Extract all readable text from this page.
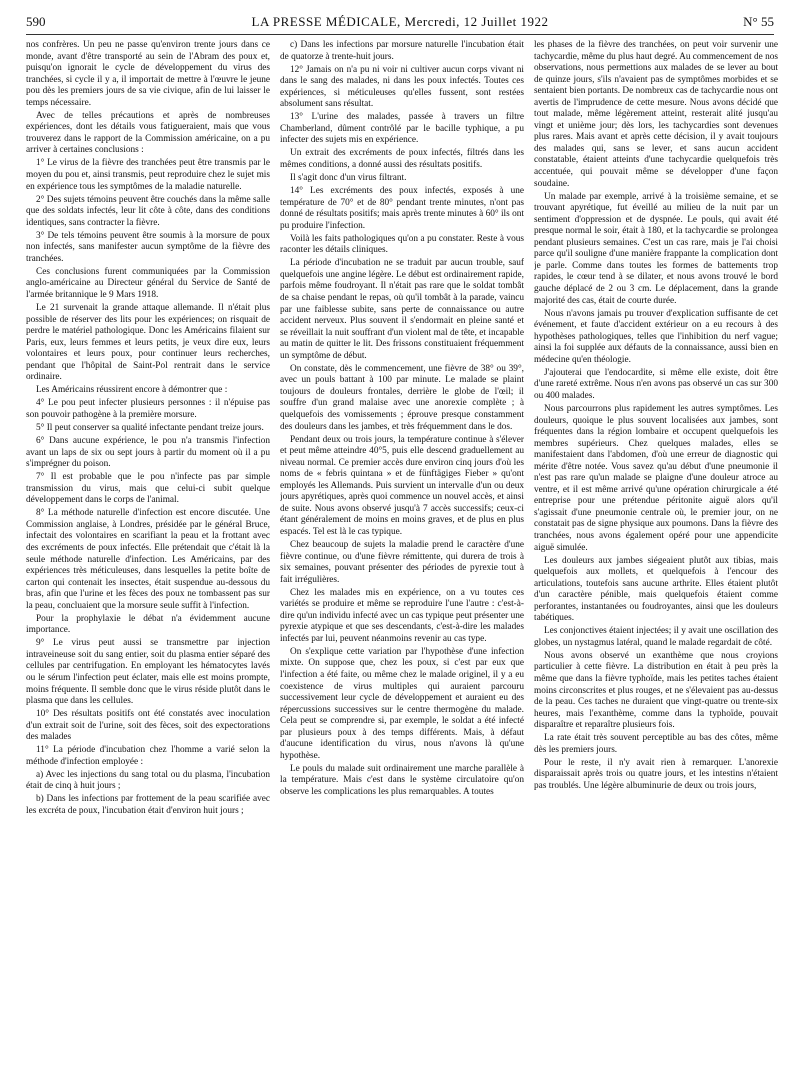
590	LA PRESSE MÉDICALE, Mercredi, 12 Juillet 1922	N° 55

nos confrères. Un peu ne passe qu'environ trente jours dans ce monde, avant d'être transporté au sein de l'Abram des poux et, puisqu'on ignorait le cycle de développement du virus des tranchées, si cycle il y a, il importait de mettre à l'œuvre le jeune pou dès les premiers jours de sa vie civique, afin de lui laisser le temps nécessaire.

Avec de telles précautions et après de nombreuses expériences, dont les détails vous fatigueraient, mais que vous trouverez dans le rapport de la Commission américaine, on a pu arriver à certaines conclusions :

1° Le virus de la fièvre des tranchées peut être transmis par le moyen du pou et, ainsi transmis, peut reproduire chez le sujet mis en expérience tous les symptômes de la maladie naturelle.

2° Des sujets témoins peuvent être couchés dans la même salle que des soldats infectés, leur lit côte à côte, dans des conditions identiques, sans contracter la fièvre.

3° De tels témoins peuvent être soumis à la morsure de poux non infectés, sans manifester aucun symptôme de la fièvre des tranchées.

Ces conclusions furent communiquées par la Commission anglo-américaine au Directeur général du Service de Santé de l'armée britannique le 9 Mars 1918.

Le 21 survenait la grande attaque allemande. Il n'était plus possible de réserver des lits pour les expériences; on risquait de perdre le matériel pathologique. Donc les Américains filaient sur Paris, eux, leurs femmes et leurs petits, je veux dire eux, leurs volontaires et leurs poux, pour continuer leurs recherches, pendant que l'hôpital de Saint-Pol rentrait dans le service ordinaire.

Les Américains réussirent encore à démontrer que :

4° Le pou peut infecter plusieurs personnes : il n'épuise pas son pouvoir pathogène à la première morsure.

5° Il peut conserver sa qualité infectante pendant treize jours.

6° Dans aucune expérience, le pou n'a transmis l'infection avant un laps de six ou sept jours à partir du moment où il a pu s'imprégner du poison.

7° Il est probable que le pou n'infecte pas par simple transmission du virus, mais que celui-ci subit quelque développement dans le corps de l'animal.

8° La méthode naturelle d'infection est encore discutée. Une Commission anglaise, à Londres, présidée par le général Bruce, infectait des volontaires en scarifiant la peau et la frottant avec des excréments de poux infectés. Elle prétendait que c'était là la seule méthode naturelle d'infection. Les Américains, par des expériences très méticuleuses, dans lesquelles la petite boîte de carton qui contenait les insectes, était suspendue au-dessous du bras, afin que l'urine et les fèces des poux ne tombassent pas sur la peau, concluaient que la morsure seule suffit à l'infection.

Pour la prophylaxie le débat n'a évidemment aucune importance.

9° Le virus peut aussi se transmettre par injection intraveineuse soit du sang entier, soit du plasma entier séparé des cellules par centrifugation. En employant les hématocytes lavés ou le sérum l'infection peut éclater, mais elle est moins prompte, moins fréquente. Il semble donc que le virus réside plutôt dans le plasma que dans les cellules.

10° Des résultats positifs ont été constatés avec inoculation d'un extrait soit de l'urine, soit des fèces, soit des expectorations des malades

11° La période d'incubation chez l'homme a varié selon la méthode d'infection employée :

a) Avec les injections du sang total ou du plasma, l'incubation était de cinq à huit jours ;

b) Dans les infections par frottement de la peau scarifiée avec les excréta de poux, l'incubation était d'environ huit jours ;

c) Dans les infections par morsure naturelle l'incubation était de quatorze à trente-huit jours.

12° Jamais on n'a pu ni voir ni cultiver aucun corps vivant ni dans le sang des malades, ni dans les poux infectés. Toutes ces expériences, si méticuleuses qu'elles fussent, sont restées absolument sans résultat.

13° L'urine des malades, passée à travers un filtre Chamberland, dûment contrôlé par le bacille typhique, a pu infecter des sujets mis en expérience.

Un extrait des excréments de poux infectés, filtrés dans les mêmes conditions, a donné aussi des résultats positifs.

Il s'agit donc d'un virus filtrant.

14° Les excréments des poux infectés, exposés à une température de 70° et de 80° pendant trente minutes, n'ont pas donné de résultats positifs; mais après trente minutes à 60° ils ont pu produire l'infection.

Voilà les faits pathologiques qu'on a pu constater. Reste à vous raconter les détails cliniques.

La période d'incubation ne se traduit par aucun trouble, sauf quelquefois une angine légère. Le début est ordinairement rapide, parfois même foudroyant. Il n'était pas rare que le soldat tombât de sa chaise pendant le repas, où qu'il tombât à la parade, vaincu par une faiblesse subite, sans perte de connaissance ou autre accident nerveux. Plus souvent il s'endormait en pleine santé et se réveillait la nuit souffrant d'un violent mal de tête, et incapable au matin de quitter le lit. Des frissons constituaient fréquemment un symptôme de début.

On constate, dès le commencement, une fièvre de 38° ou 39°, avec un pouls battant à 100 par minute. Le malade se plaint toujours de douleurs frontales, derrière le globe de l'œil; il souffre d'un grand malaise avec une anorexie complète ; à quelquefois des vomissements ; éprouve presque constamment des douleurs dans les jambes, et très fréquemment dans le dos.

Pendant deux ou trois jours, la température continue à s'élever et peut même atteindre 40°5, puis elle descend graduellement au niveau normal. Ce premier accès dure environ cinq jours d'où les noms de « febris quintana » et de fünftägiges Fieber » qu'ont employés les Allemands. Puis survient un intervalle d'un ou deux jours apyrétiques, après quoi commence un nouvel accès, et ainsi de suite. Nous avons observé jusqu'à 7 accès successifs; ceux-ci étant généralement de moins en moins graves, et de plus en plus espacés. Tel est là le cas typique.

Chez beaucoup de sujets la maladie prend le caractère d'une fièvre continue, ou d'une fièvre rémittente, qui durera de trois à six semaines, pouvant présenter des périodes de pyrexie tout à fait irrégulières.

Chez les malades mis en expérience, on a vu toutes ces variétés se produire et même se reproduire l'une l'autre : c'est-à-dire qu'un individu infecté avec un cas typique peut présenter une pyrexie atypique et que ses descendants, c'est-à-dire les malades infectés par lui, peuvent néanmoins revenir au cas type.

On s'explique cette variation par l'hypothèse d'une infection mixte. On suppose que, chez les poux, si c'est par eux que l'infection a été faite, ou même chez le malade originel, il y a eu coexistence de virus multiples qui auraient parcouru successivement leur cycle de développement et auraient eu des répercussions successives sur le centre thermogène du malade. Cela peut se comprendre si, par exemple, le soldat a été infecté par plusieurs poux à des temps différents. Mais, à défaut d'aucune identification du virus, nous n'avons là qu'une hypothèse.

Le pouls du malade suit ordinairement une marche parallèle à la température. Mais c'est dans le système circulatoire qu'on observe les complications les plus remarquables. A toutes

les phases de la fièvre des tranchées, on peut voir survenir une tachycardie, même du plus haut degré. Au commencement de nos observations, nous permettions aux malades de se lever au bout de quinze jours, s'ils n'avaient pas de symptômes morbides et se sentaient bien portants. De nombreux cas de tachycardie nous ont avertis de l'imprudence de cette mesure. Nous avons décidé que tout malade, même légèrement atteint, resterait alité jusqu'au vingt et unième jour; dès lors, les tachycardies sont devenues plus rares. Mais avant et après cette décision, il y avait toujours des malades qui, sans se lever, et sans aucun accident constatable, étaient atteints d'une tachycardie quelquefois très accentuée, qui pouvait même se développer d'une façon soudaine.

Un malade par exemple, arrivé à la troisième semaine, et se trouvant apyrétique, fut éveillé au milieu de la nuit par un sentiment d'oppression et de dyspnée. Le pouls, qui avait été presque normal le soir, était à 180, et la tachycardie se prolongea pendant plusieurs semaines. C'est un cas rare, mais je l'ai choisi parce qu'il souligne d'une manière frappante la complication dont je parle. Comme dans toutes les formes de battements trop rapides, le cœur tend à se dilater, et nous avons trouvé le bord gauche déplacé de 2 ou 3 cm. Le déplacement, dans la grande majorité des cas, était de courte durée.

Nous n'avons jamais pu trouver d'explication suffisante de cet événement, et faute d'accident extérieur on a eu recours à des hypothèses pathologiques, telles que l'inhibition du nerf vague; ainsi la foi supplée aux défauts de la connaissance, aussi bien en médecine qu'en théologie.

J'ajouterai que l'endocardite, si même elle existe, doit être d'une rareté extrême. Nous n'en avons pas observé un cas sur 300 ou 400 malades.

Nous parcourrons plus rapidement les autres symptômes. Les douleurs, quoique le plus souvent localisées aux jambes, sont fréquentes dans la région lombaire et occupent quelquefois les membres supérieurs. Chez quelques malades, elles se manifestaient dans l'abdomen, d'où une erreur de diagnostic qui mérite d'être notée. Vous savez qu'au début d'une pneumonie il n'est pas rare qu'un malade se plaigne d'une douleur atroce au ventre, et il est même arrivé qu'une opération chirurgicale a été entreprise pour une prétendue péritonite aiguë alors qu'il s'agissait d'une pneumonie centrale où, le premier jour, on ne constatait pas de signe physique aux poumons. Dans la fièvre des tranchées, nous avons également opéré pour une appendicite aiguë simulée.

Les douleurs aux jambes siégeaient plutôt aux tibias, mais quelquefois aux mollets, et quelquefois à l'encour des articulations, toutefois sans aucune arthrite. Elles étaient plutôt d'un caractère pénible, mais quelquefois étaient comme perforantes, instantanées ou foudroyantes, ainsi que les douleurs tabétiques.

Les conjonctives étaient injectées; il y avait une oscillation des globes, un nystagmus latéral, quand le malade regardait de côté.

Nous avons observé un exanthème que nous croyions particulier à cette fièvre. La distribution en était à peu près la même que dans la fièvre typhoïde, mais les petites taches étaient moins circonscrites et plus rouges, et ne s'élevaient pas au-dessus de la peau. Ces taches ne duraient que vingt-quatre ou trente-six heures, mais l'exanthème, comme dans la typhoïde, pouvait disparaître et reparaître plusieurs fois.

La rate était très souvent perceptible au bas des côtes, même dès les premiers jours.

Pour le reste, il n'y avait rien à remarquer. L'anorexie disparaissait après trois ou quatre jours, et les intestins n'étaient pas troublés. Une légère albuminurie de deux ou trois jours,
